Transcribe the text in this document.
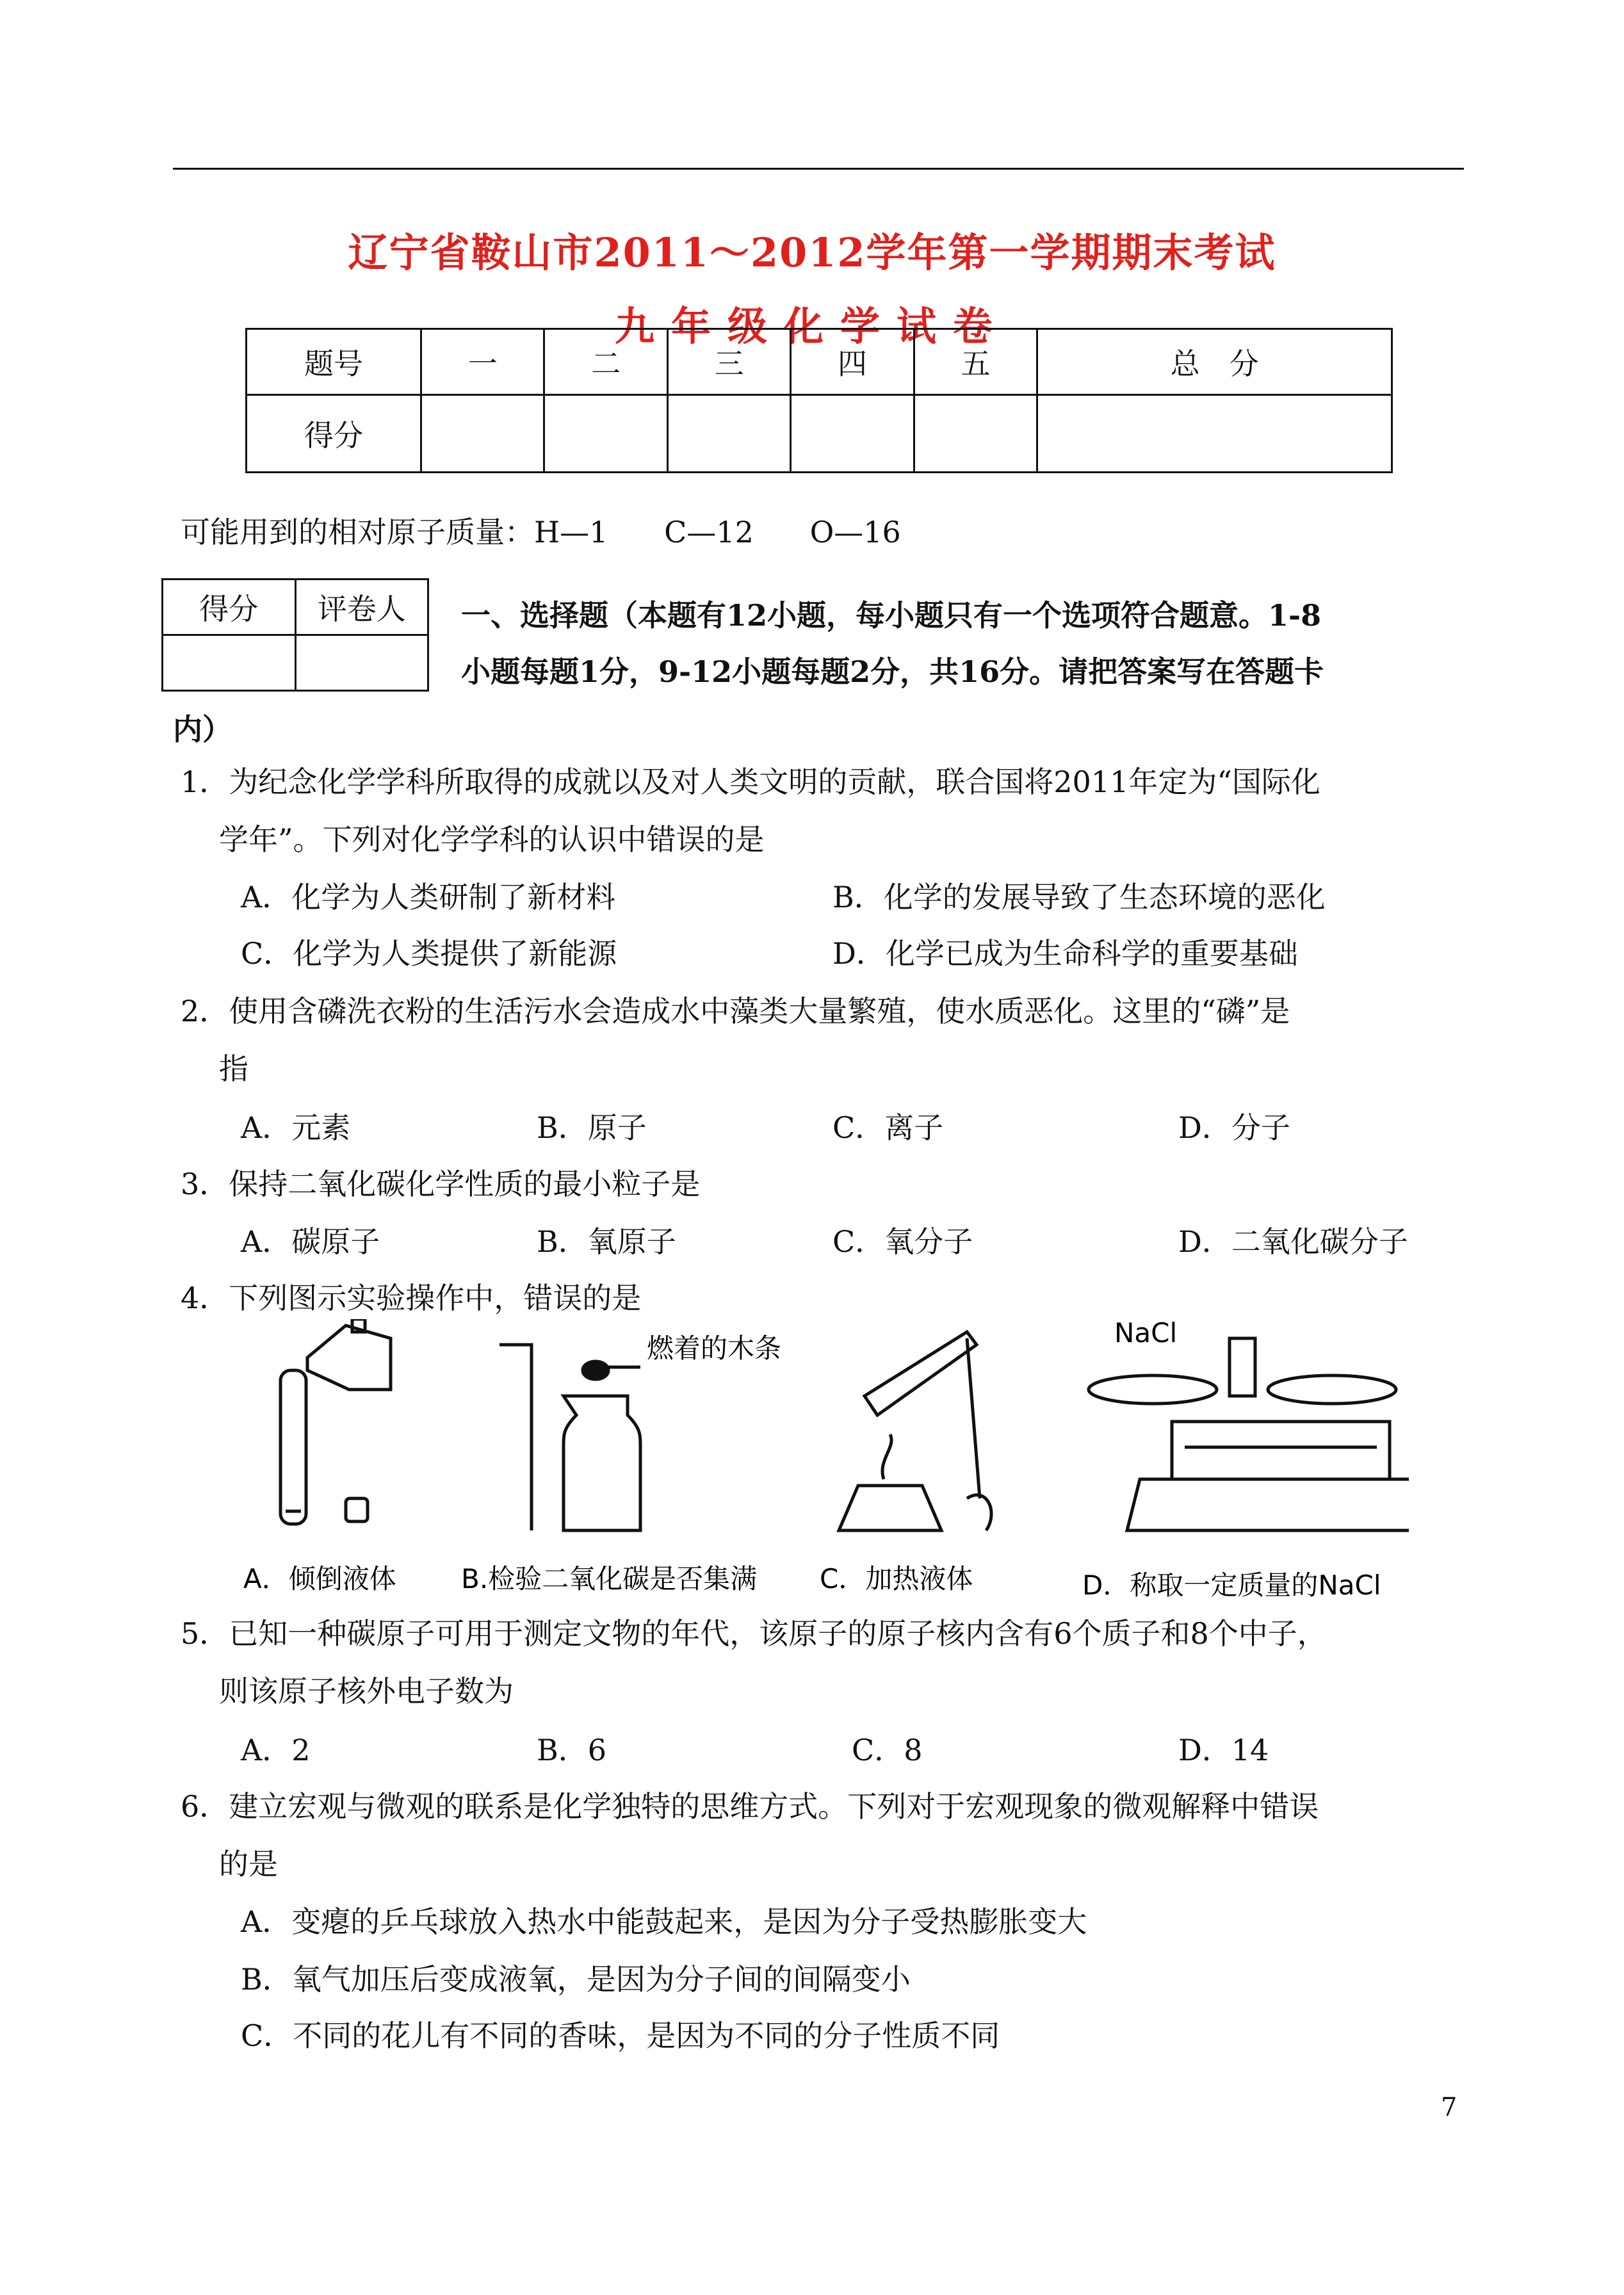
辽宁省鞍山市2011～2012学年第一学期期末考试
九年级化学试卷
题号	一	二	三	四	五	总　分
得分						
可能用到的相对原子质量：H—1      C—12      O—16
得分	评卷人
	一、选择题（本题有12小题，每小题只有一个选项符合题意。1-8
小题每题1分，9-12小题每题2分，共16分。请把答案写在答题卡
内）
1．为纪念化学学科所取得的成就以及对人类文明的贡献，联合国将2011年定为“国际化
学年”。下列对化学学科的认识中错误的是
A．化学为人类研制了新材料	B．化学的发展导致了生态环境的恶化
C．化学为人类提供了新能源	D．化学已成为生命科学的重要基础
2．使用含磷洗衣粉的生活污水会造成水中藻类大量繁殖，使水质恶化。这里的“磷”是
指
A．元素	B．原子	C．离子	D．分子
3．保持二氧化碳化学性质的最小粒子是
A．碳原子	B．氧原子	C．氧分子	D．二氧化碳分子
4．下列图示实验操作中，错误的是
燃着的木条	NaCl
A．倾倒液体 B.检验二氧化碳是否集满 C．加热液体	D．称取一定质量的NaCl
5．已知一种碳原子可用于测定文物的年代，该原子的原子核内含有6个质子和8个中子，
则该原子核外电子数为
A．2	B．6	C．8	D．14
6．建立宏观与微观的联系是化学独特的思维方式。下列对于宏观现象的微观解释中错误
的是
A．变瘪的乒乓球放入热水中能鼓起来，是因为分子受热膨胀变大
B．氧气加压后变成液氧，是因为分子间的间隔变小
C．不同的花儿有不同的香味，是因为不同的分子性质不同
7
